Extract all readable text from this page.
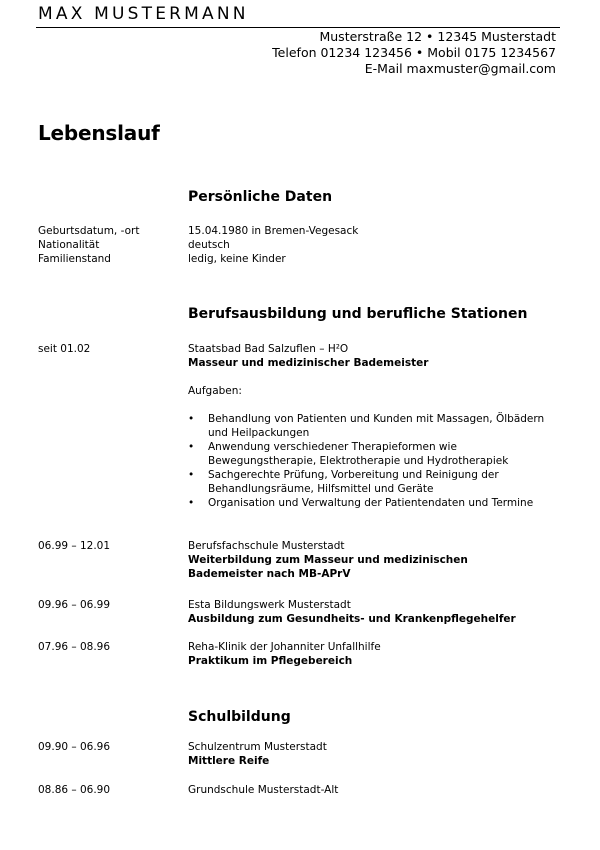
MAX MUSTERMANN
Musterstraße 12 • 12345 Musterstadt
Telefon 01234 123456 • Mobil 0175 1234567
E-Mail maxmuster@gmail.com
Lebenslauf
Persönliche Daten
Geburtsdatum, -ort	15.04.1980 in Bremen-Vegesack
Nationalität	deutsch
Familienstand	ledig, keine Kinder
Berufsausbildung und berufliche Stationen
seit 01.02	Staatsbad Bad Salzuflen – H²O
Masseur und medizinischer Bademeister
Aufgaben:
• Behandlung von Patienten und Kunden mit Massagen, Ölbädern und Heilpackungen
• Anwendung verschiedener Therapieformen wie Bewegungstherapie, Elektrotherapie und Hydrotherapiek
• Sachgerechte Prüfung, Vorbereitung und Reinigung der Behandlungsräume, Hilfsmittel und Geräte
• Organisation und Verwaltung der Patientendaten und Termine
06.99 – 12.01	Berufsfachschule Musterstadt
Weiterbildung zum Masseur und medizinischen
Bademeister nach MB-APrV
09.96 – 06.99	Esta Bildungswerk Musterstadt
Ausbildung zum Gesundheits- und Krankenpflegehelfer
07.96 – 08.96	Reha-Klinik der Johanniter Unfallhilfe
Praktikum im Pflegebereich
Schulbildung
09.90 – 06.96	Schulzentrum Musterstadt
Mittlere Reife
08.86 – 06.90	Grundschule Musterstadt-Alt
